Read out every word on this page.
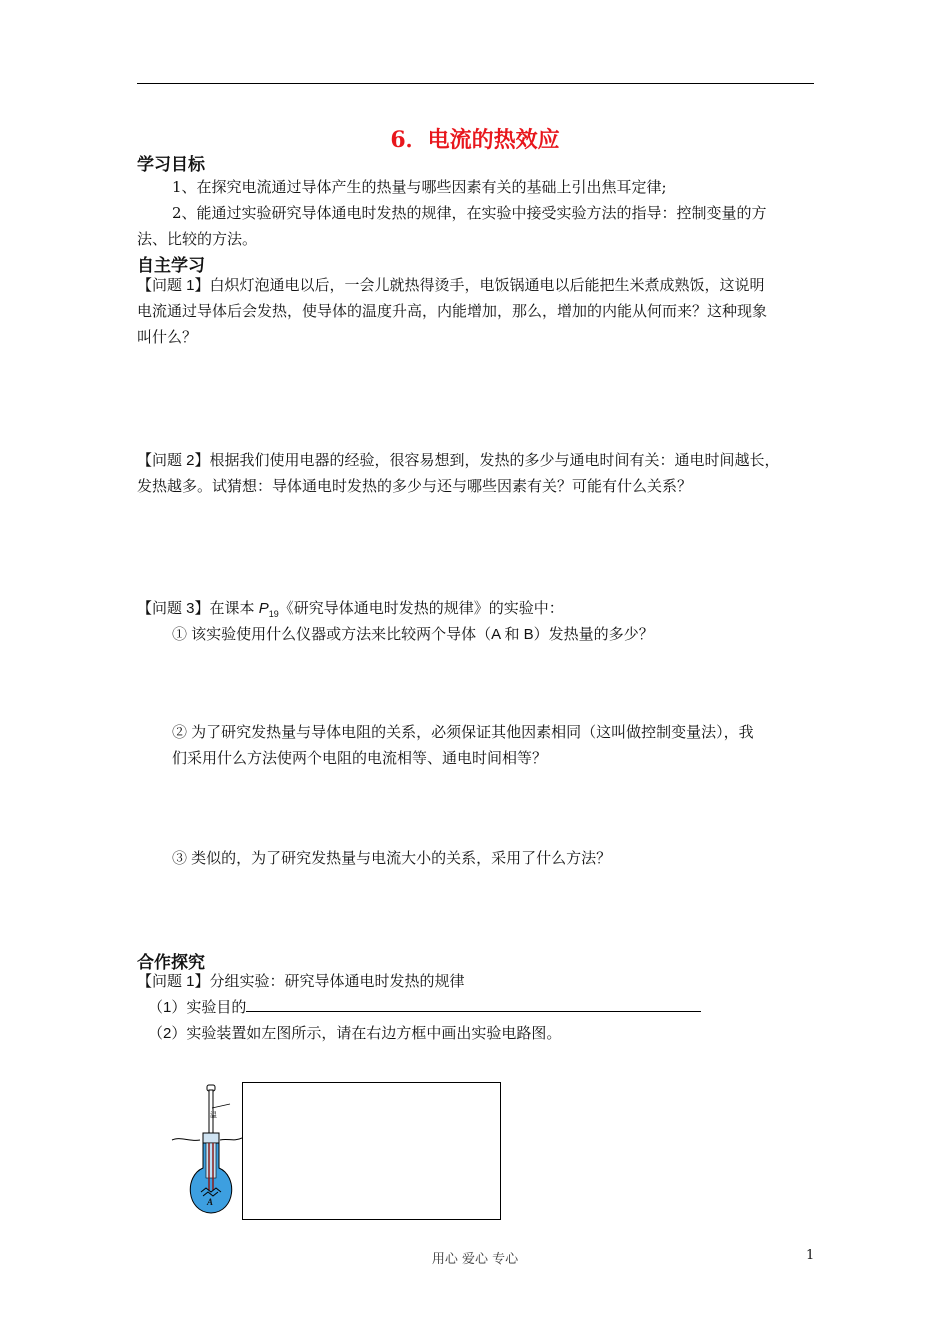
6．电流的热效应
学习目标
1、在探究电流通过导体产生的热量与哪些因素有关的基础上引出焦耳定律;
2、能通过实验研究导体通电时发热的规律，在实验中接受实验方法的指导：控制变量的方
法、比较的方法。
自主学习
【问题 1】白炽灯泡通电以后，一会儿就热得烫手，电饭锅通电以后能把生米煮成熟饭，这说明
电流通过导体后会发热，使导体的温度升高，内能增加，那么，增加的内能从何而来？这种现象
叫什么？
【问题 2】根据我们使用电器的经验，很容易想到，发热的多少与通电时间有关：通电时间越长，
发热越多。试猜想：导体通电时发热的多少与还与哪些因素有关？可能有什么关系？
【问题 3】在课本 $P_{19}$《研究导体通电时发热的规律》的实验中：
① 该实验使用什么仪器或方法来比较两个导体（A 和 B）发热量的多少？
② 为了研究发热量与导体电阻的关系，必须保证其他因素相同（这叫做控制变量法），我
们采用什么方法使两个电阻的电流相等、通电时间相等？
③ 类似的，为了研究发热量与电流大小的关系，采用了什么方法？
合作探究
【问题 1】分组实验：研究导体通电时发热的规律
（1）实验目的
（2）实验装置如左图所示，请在右边方框中画出实验电路图。
温
A
用心 爱心 专心	1
